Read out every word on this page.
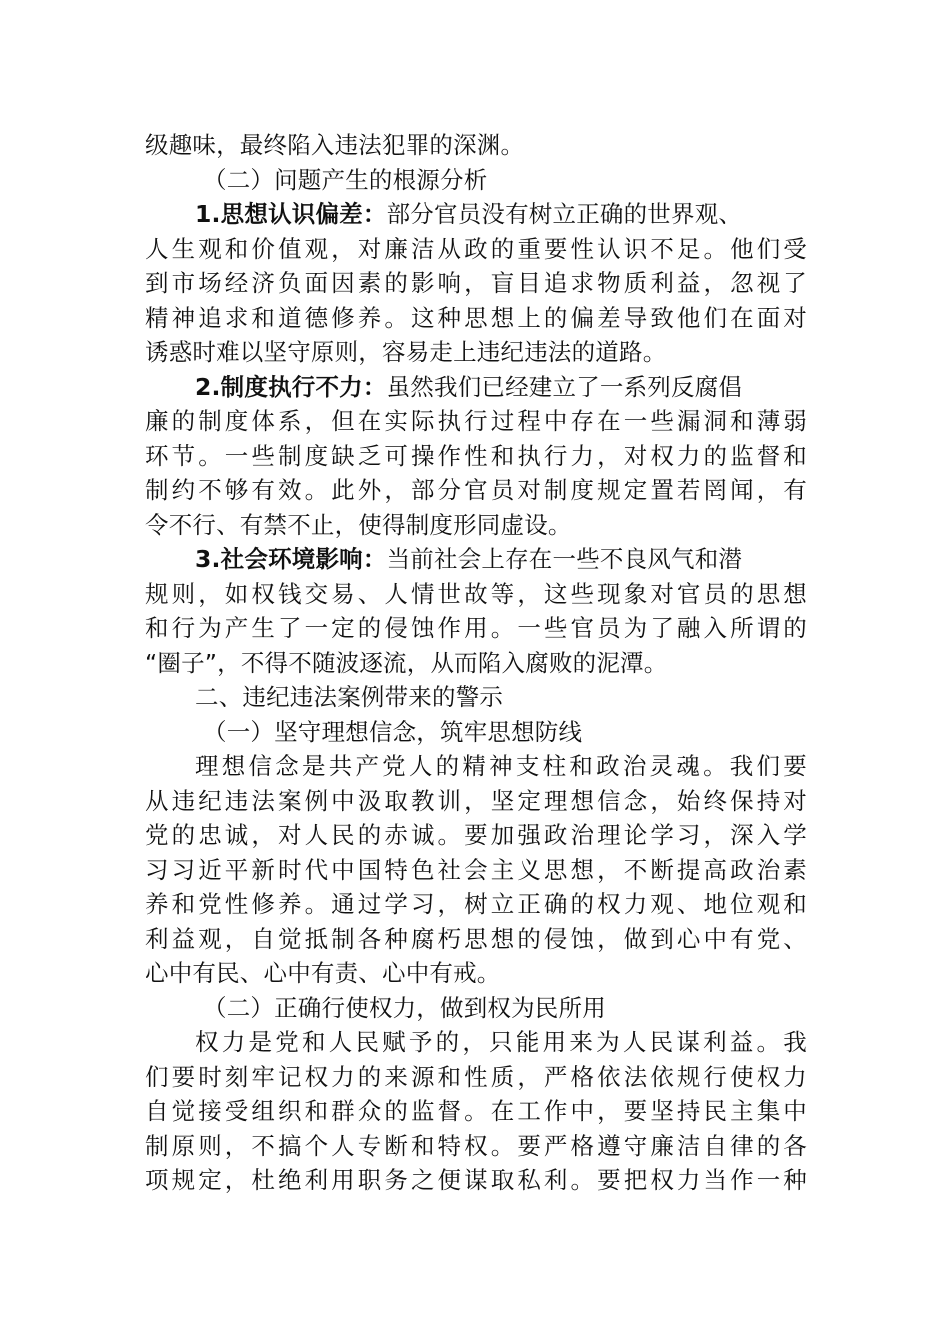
级趣味，最终陷入违法犯罪的深渊。
（二）问题产生的根源分析
1.思想认识偏差：部分官员没有树立正确的世界观、
人生观和价值观，对廉洁从政的重要性认识不足。他们受
到市场经济负面因素的影响，盲目追求物质利益，忽视了
精神追求和道德修养。这种思想上的偏差导致他们在面对
诱惑时难以坚守原则，容易走上违纪违法的道路。
2.制度执行不力：虽然我们已经建立了一系列反腐倡
廉的制度体系，但在实际执行过程中存在一些漏洞和薄弱
环节。一些制度缺乏可操作性和执行力，对权力的监督和
制约不够有效。此外，部分官员对制度规定置若罔闻，有
令不行、有禁不止，使得制度形同虚设。
3.社会环境影响：当前社会上存在一些不良风气和潜
规则，如权钱交易、人情世故等，这些现象对官员的思想
和行为产生了一定的侵蚀作用。一些官员为了融入所谓的
“圈子”，不得不随波逐流，从而陷入腐败的泥潭。
二、违纪违法案例带来的警示
（一）坚守理想信念，筑牢思想防线
理想信念是共产党人的精神支柱和政治灵魂。我们要
从违纪违法案例中汲取教训，坚定理想信念，始终保持对
党的忠诚，对人民的赤诚。要加强政治理论学习，深入学
习习近平新时代中国特色社会主义思想，不断提高政治素
养和党性修养。通过学习，树立正确的权力观、地位观和
利益观，自觉抵制各种腐朽思想的侵蚀，做到心中有党、
心中有民、心中有责、心中有戒。
（二）正确行使权力，做到权为民所用
权力是党和人民赋予的，只能用来为人民谋利益。我
们要时刻牢记权力的来源和性质，严格依法依规行使权力
自觉接受组织和群众的监督。在工作中，要坚持民主集中
制原则，不搞个人专断和特权。要严格遵守廉洁自律的各
项规定，杜绝利用职务之便谋取私利。要把权力当作一种
